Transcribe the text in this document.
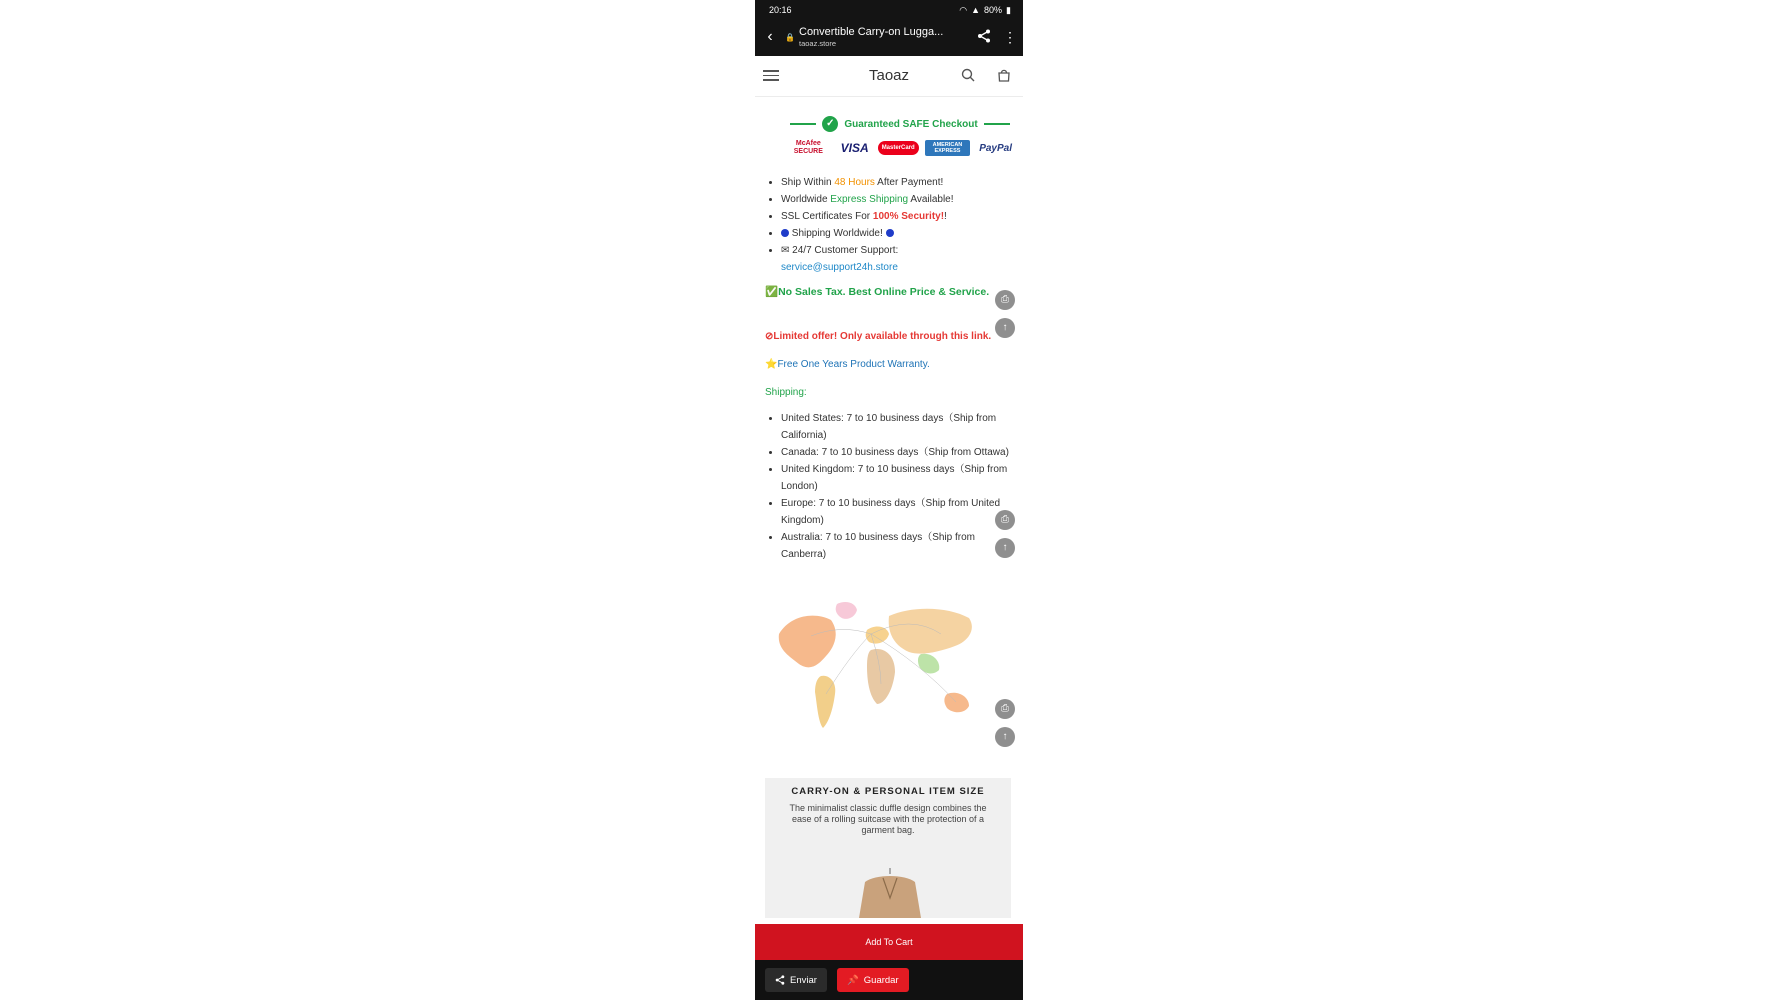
20:16	◠ ▲ 80% ▮
‹	🔒 Convertible Carry-on Lugga...
taoaz.store	⋮
Taoaz
✓ Guaranteed SAFE Checkout
McAfee SECURE	VISA	MasterCard	AMERICAN EXPRESS	PayPal
• Ship Within 48 Hours After Payment!
• Worldwide Express Shipping Available!
• SSL Certificates For 100% Security!!
• Shipping Worldwide!
• ✉ 24/7 Customer Support:
service@support24h.store
✅No Sales Tax. Best Online Price & Service.
⎙
↑
⊘Limited offer! Only available through this link.
⭐Free One Years Product Warranty.
Shipping:
• United States: 7 to 10 business days（Ship from California)
• Canada: 7 to 10 business days（Ship from Ottawa)
• United Kingdom: 7 to 10 business days（Ship from London)
• Europe: 7 to 10 business days（Ship from United Kingdom)
• Australia: 7 to 10 business days（Ship from Canberra)
⎙
↑
⎙
↑
CARRY-ON & PERSONAL ITEM SIZE
The minimalist classic duffle design combines the ease of a rolling suitcase with the protection of a garment bag.
Add To Cart
Enviar	📌 Guardar
